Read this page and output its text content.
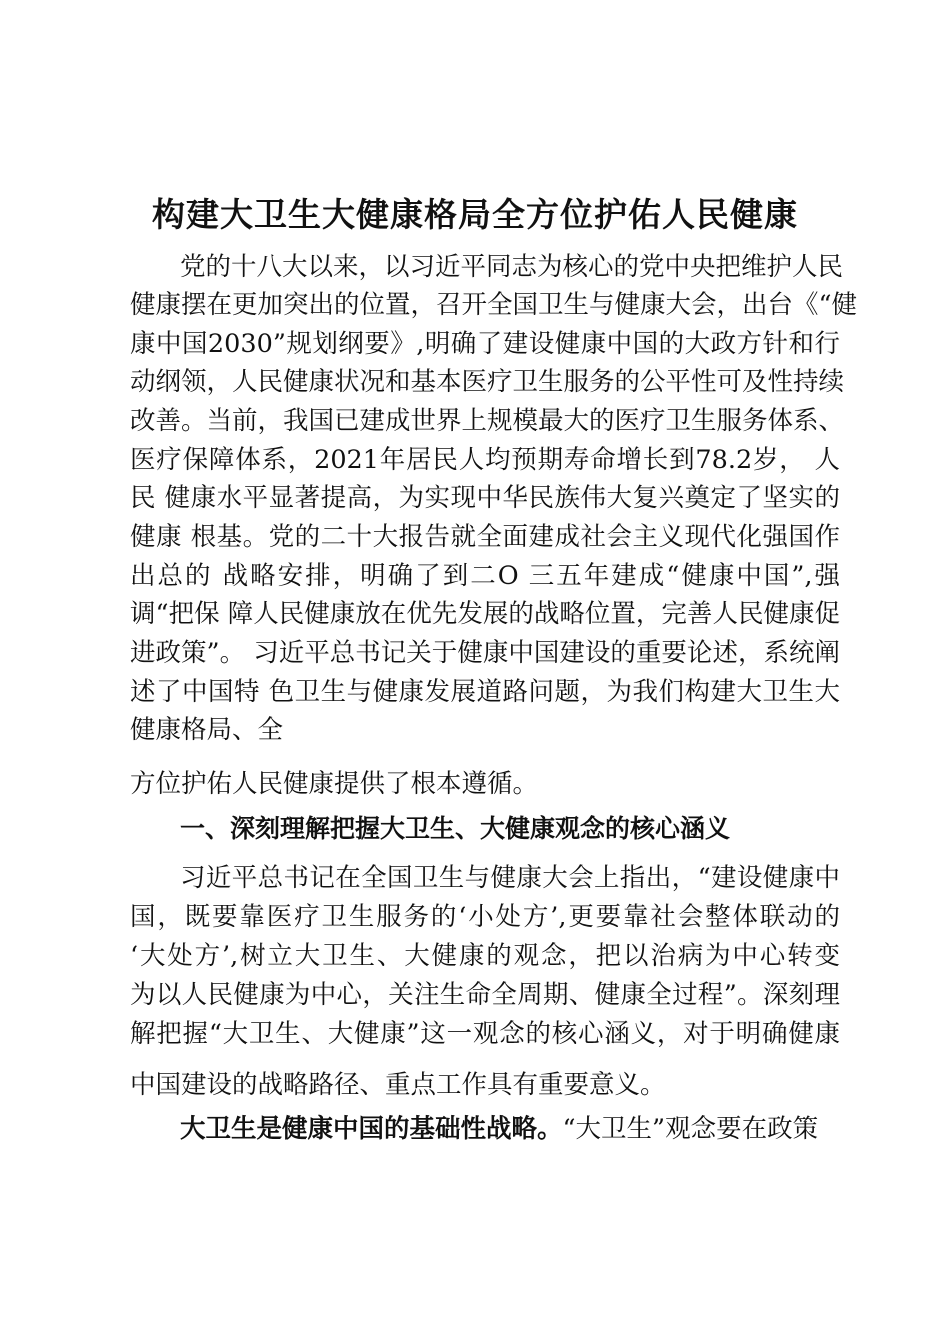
构建大卫生大健康格局全方位护佑人民健康
党的十八大以来，以习近平同志为核心的党中央把维护人民
健康摆在更加突出的位置，召开全国卫生与健康大会，出台《“健
康中国2030”规划纲要》,明确了建设健康中国的大政方针和行
动纲领，人民健康状况和基本医疗卫生服务的公平性可及性持续
改善。当前，我国已建成世界上规模最大的医疗卫生服务体系、
医疗保障体系，2021年居民人均预期寿命增长到78.2岁， 人
民 健康水平显著提高，为实现中华民族伟大复兴奠定了坚实的
健康 根基。党的二十大报告就全面建成社会主义现代化强国作
出总的 战略安排，明确了到二O 三五年建成“健康中国”,强
调“把保 障人民健康放在优先发展的战略位置，完善人民健康促
进政策”。 习近平总书记关于健康中国建设的重要论述，系统阐
述了中国特 色卫生与健康发展道路问题，为我们构建大卫生大
健康格局、全
方位护佑人民健康提供了根本遵循。
一、深刻理解把握大卫生、大健康观念的核心涵义
习近平总书记在全国卫生与健康大会上指出，“建设健康中
国，既要靠医疗卫生服务的‘小处方’,更要靠社会整体联动的
‘大处方’,树立大卫生、大健康的观念，把以治病为中心转变
为以人民健康为中心，关注生命全周期、健康全过程”。深刻理
解把握“大卫生、大健康”这一观念的核心涵义，对于明确健康
中国建设的战略路径、重点工作具有重要意义。
大卫生是健康中国的基础性战略。“大卫生”观念要在政策
